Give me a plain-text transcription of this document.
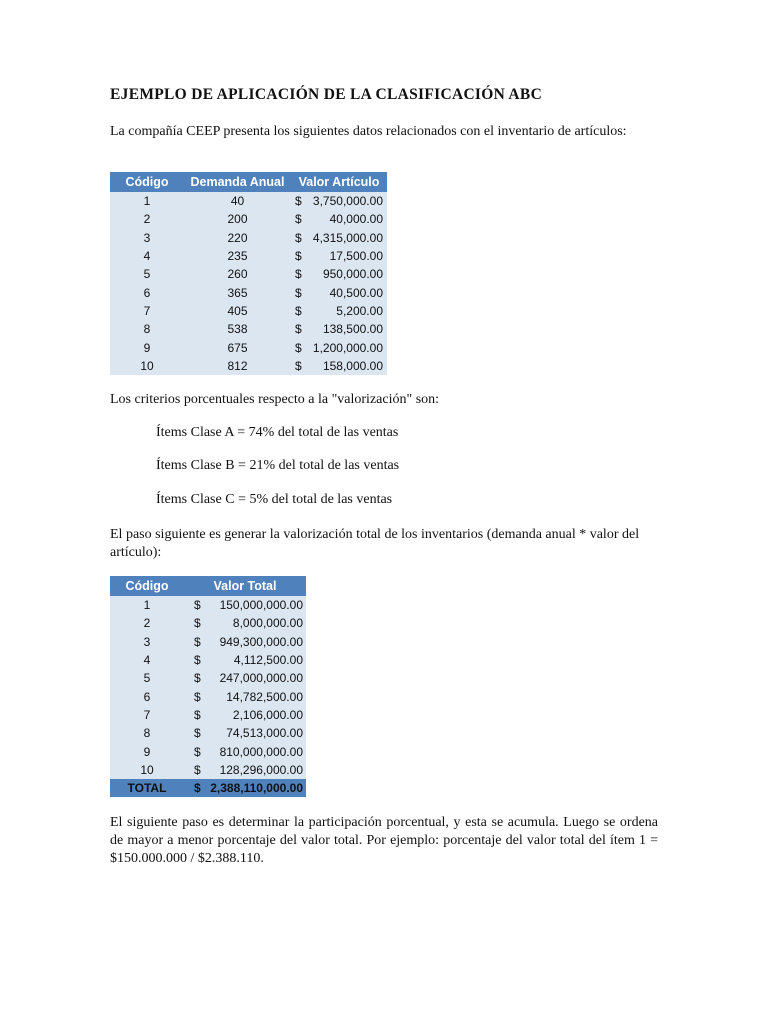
EJEMPLO DE APLICACIÓN DE LA CLASIFICACIÓN ABC

La compañía CEEP presenta los siguientes datos relacionados con el inventario de artículos:

Código	Demanda Anual	Valor Artículo
1	40	$ 3,750,000.00

2	200	$ 40,000.00

3	220	$ 4,315,000.00

4	235	$ 17,500.00

5	260	$ 950,000.00

6	365	$ 40,500.00

7	405	$ 5,200.00

8	538	$ 138,500.00

9	675	$ 1,200,000.00

10	812	$ 158,000.00

Los criterios porcentuales respecto a la "valorización" son:

Ítems Clase A = 74% del total de las ventas

Ítems Clase B = 21% del total de las ventas

Ítems Clase C = 5% del total de las ventas

El paso siguiente es generar la valorización total de los inventarios (demanda anual * valor del artículo):

Código	Valor Total
1	$ 150,000,000.00

2	$ 8,000,000.00

3	$ 949,300,000.00

4	$ 4,112,500.00

5	$ 247,000,000.00

6	$ 14,782,500.00

7	$ 2,106,000.00

8	$ 74,513,000.00

9	$ 810,000,000.00

10	$ 128,296,000.00

TOTAL	$ 2,388,110,000.00

El siguiente paso es determinar la participación porcentual, y esta se acumula. Luego se ordena de mayor a menor porcentaje del valor total. Por ejemplo: porcentaje del valor total del ítem 1 = $150.000.000 / $2.388.110.
